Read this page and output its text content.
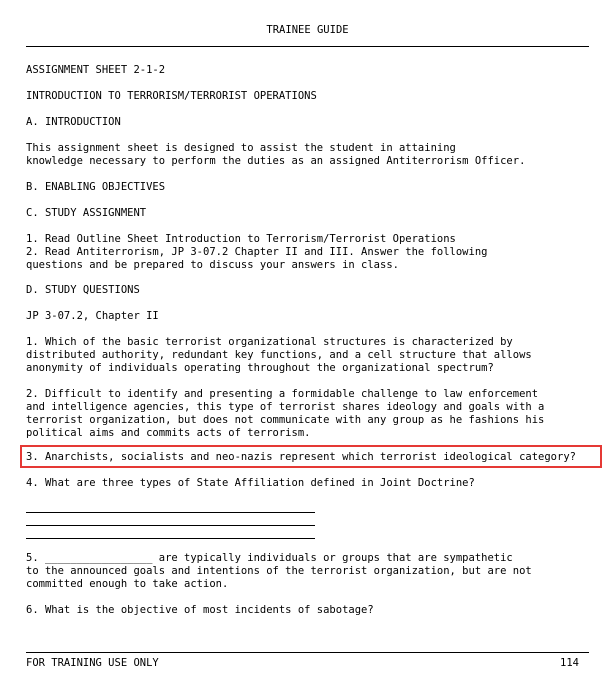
TRAINEE GUIDE

ASSIGNMENT SHEET 2-1-2

INTRODUCTION TO TERRORISM/TERRORIST OPERATIONS

A. INTRODUCTION

This assignment sheet is designed to assist the student in attaining

knowledge necessary to perform the duties as an assigned Antiterrorism Officer.

B. ENABLING OBJECTIVES

C. STUDY ASSIGNMENT

1. Read Outline Sheet Introduction to Terrorism/Terrorist Operations

2. Read Antiterrorism, JP 3-07.2 Chapter II and III. Answer the following

questions and be prepared to discuss your answers in class.

D. STUDY QUESTIONS

JP 3-07.2, Chapter II

1. Which of the basic terrorist organizational structures is characterized by

distributed authority, redundant key functions, and a cell structure that allows

anonymity of individuals operating throughout the organizational spectrum?

2. Difficult to identify and presenting a formidable challenge to law enforcement

and intelligence agencies, this type of terrorist shares ideology and goals with a

terrorist organization, but does not communicate with any group as he fashions his

political aims and commits acts of terrorism.

3. Anarchists, socialists and neo-nazis represent which terrorist ideological category?

4. What are three types of State Affiliation defined in Joint Doctrine?

5. _________________ are typically individuals or groups that are sympathetic

to the announced goals and intentions of the terrorist organization, but are not

committed enough to take action.

6. What is the objective of most incidents of sabotage?

FOR TRAINING USE ONLY	114
